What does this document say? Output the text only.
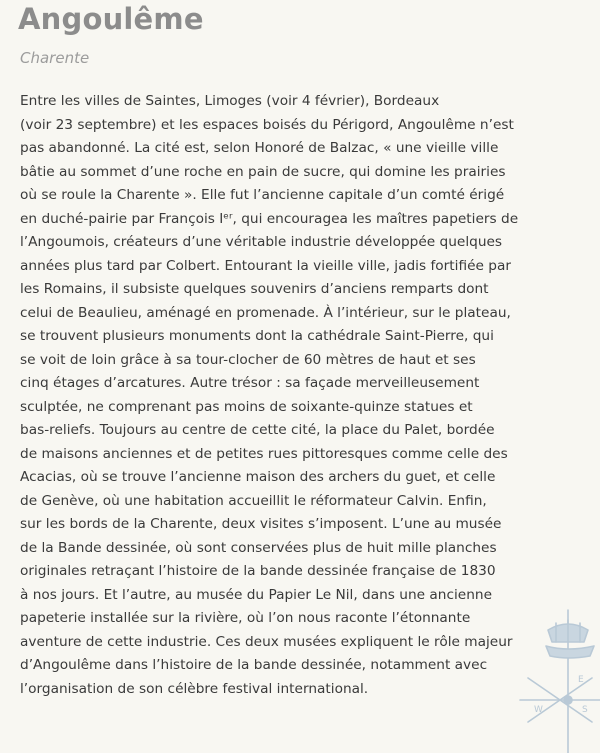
Angoulême

Charente

Entre les villes de Saintes, Limoges (voir 4 février), Bordeaux
(voir 23 septembre) et les espaces boisés du Périgord, Angoulême n’est
pas abandonné. La cité est, selon Honoré de Balzac, « une vieille ville
bâtie au sommet d’une roche en pain de sucre, qui domine les prairies
où se roule la Charente ». Elle fut l’ancienne capitale d’un comté érigé
en duché-pairie par François Iᵉʳ, qui encouragea les maîtres papetiers de
l’Angoumois, créateurs d’une véritable industrie développée quelques
années plus tard par Colbert. Entourant la vieille ville, jadis fortifiée par
les Romains, il subsiste quelques souvenirs d’anciens remparts dont
celui de Beaulieu, aménagé en promenade. À l’intérieur, sur le plateau,
se trouvent plusieurs monuments dont la cathédrale Saint-Pierre, qui
se voit de loin grâce à sa tour-clocher de 60 mètres de haut et ses
cinq étages d’arcatures. Autre trésor : sa façade merveilleusement
sculptée, ne comprenant pas moins de soixante-quinze statues et
bas-reliefs. Toujours au centre de cette cité, la place du Palet, bordée
de maisons anciennes et de petites rues pittoresques comme celle des
Acacias, où se trouve l’ancienne maison des archers du guet, et celle
de Genève, où une habitation accueillit le réformateur Calvin. Enfin,
sur les bords de la Charente, deux visites s’imposent. L’une au musée
de la Bande dessinée, où sont conservées plus de huit mille planches
originales retraçant l’histoire de la bande dessinée française de 1830
à nos jours. Et l’autre, au musée du Papier Le Nil, dans une ancienne
papeterie installée sur la rivière, où l’on nous raconte l’étonnante
aventure de cette industrie. Ces deux musées expliquent le rôle majeur
d’Angoulême dans l’histoire de la bande dessinée, notamment avec
l’organisation de son célèbre festival international.
E
S
W
